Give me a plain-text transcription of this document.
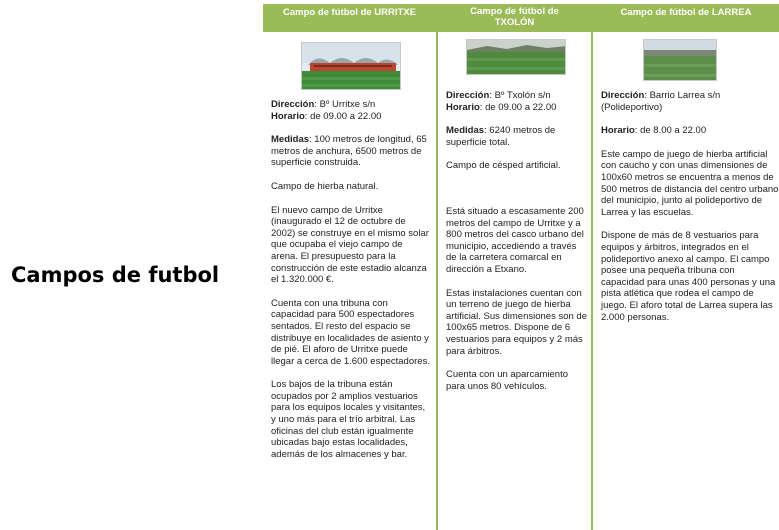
Campos de futbol
Campo de fútbol de URRITXE
Dirección: Bº Urritxe s/n

Horario: de 09.00 a 22.00

Medidas: 100 metros de longitud, 65 metros de anchura, 6500 metros de superficie construida.

Campo de hierba natural.

El nuevo campo de Urritxe (inaugurado el 12 de octubre de 2002) se construye en el mismo solar que ocupaba el viejo campo de arena. El presupuesto para la construcción de este estadio alcanza el 1.320.000 €.

Cuenta con una tribuna con capacidad para 500 espectadores sentados. El resto del espacio se distribuye en localidades de asiento y de pié. El aforo de Urritxe puede llegar a cerca de 1.600 espectadores.

Los bajos de la tribuna están ocupados por 2 amplios vestuarios para los equipos locales y visitantes, y uno más para el trío arbitral. Las oficinas del club están igualmente ubicadas bajo estas localidades, además de los almacenes y bar.

Campo de fútbol de TXOLÓN
Dirección: Bº Txolón s/n

Horario: de 09.00 a 22.00

Medidas: 6240 metros de superficie total.

Campo de césped artificial.

Está situado a escasamente 200 metros del campo de Urritxe y a 800 metros del casco urbano del municipio, accediendo a través de la carretera comarcal en dirección a Etxano.

Estas instalaciones cuentan con un terreno de juego de hierba artificial. Sus dimensiones son de 100x65 metros. Dispone de 6 vestuarios para equipos y 2 más para árbitros.

Cuenta con un aparcamiento para unos 80 vehículos.

Campo de fútbol de LARREA

Dirección: Barrio Larrea s/n (Polideportivo)

Horario: de 8.00 a 22.00

Este campo de juego de hierba artificial con caucho y con unas dimensiones de 100x60 metros se encuentra a menos de 500 metros de distancia del centro urbano del municipio, junto al polideportivo de Larrea y las escuelas.

Dispone de más de 8 vestuarios para equipos y árbitros, integrados en el polideportivo anexo al campo. El campo posee una pequeña tribuna con capacidad para unas 400 personas y una pista atlética que rodea el campo de juego. El aforo total de Larrea supera las 2.000 personas.
